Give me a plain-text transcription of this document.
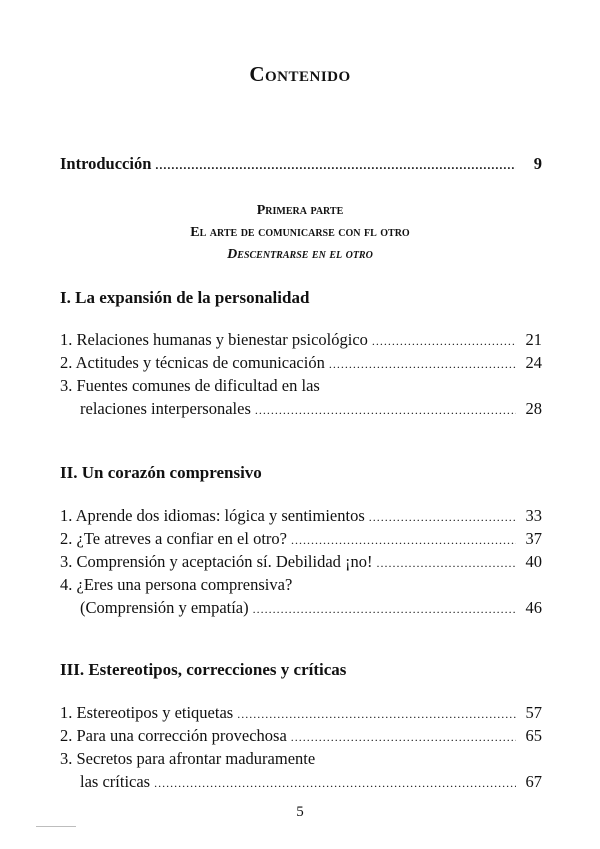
Contenido
Introducción .....	9
Primera parte
El arte de comunicarse con fl otro
Descentrarse en el otro
I. La expansión de la personalidad
1. Relaciones humanas y bienestar psicológico .....	21
2. Actitudes y técnicas de comunicación .....	24
3. Fuentes comunes de dificultad en las
relaciones interpersonales .....	28
II. Un corazón comprensivo
1. Aprende dos idiomas: lógica y sentimientos .....	33
2. ¿Te atreves a confiar en el otro? .....	37
3. Comprensión y aceptación sí. Debilidad ¡no! .....	40
4. ¿Eres una persona comprensiva?
(Comprensión y empatía) .....	46
III. Estereotipos, correcciones y críticas
1. Estereotipos y etiquetas .....	57
2. Para una corrección provechosa .....	65
3. Secretos para afrontar maduramente
las críticas .....	67
5
